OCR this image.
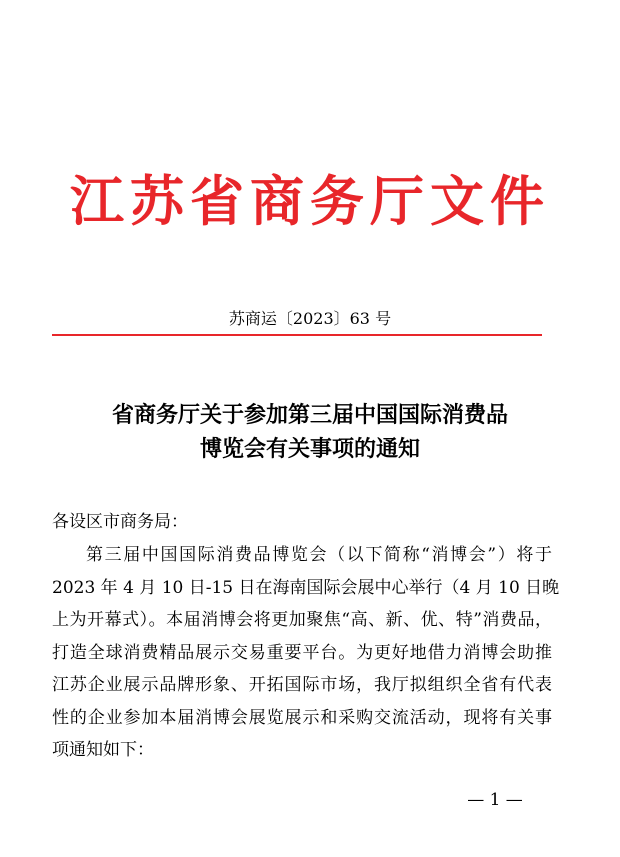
江苏省商务厅文件
苏商运〔2023〕63 号
省商务厅关于参加第三届中国国际消费品
博览会有关事项的通知
各设区市商务局：
第三届中国国际消费品博览会（以下简称“消博会”）将于
2023 年 4 月 10 日-15 日在海南国际会展中心举行（4 月 10 日晚
上为开幕式）。本届消博会将更加聚焦“高、新、优、特”消费品，
打造全球消费精品展示交易重要平台。为更好地借力消博会助推
江苏企业展示品牌形象、开拓国际市场，我厅拟组织全省有代表
性的企业参加本届消博会展览展示和采购交流活动，现将有关事
项通知如下：
— 1 —
